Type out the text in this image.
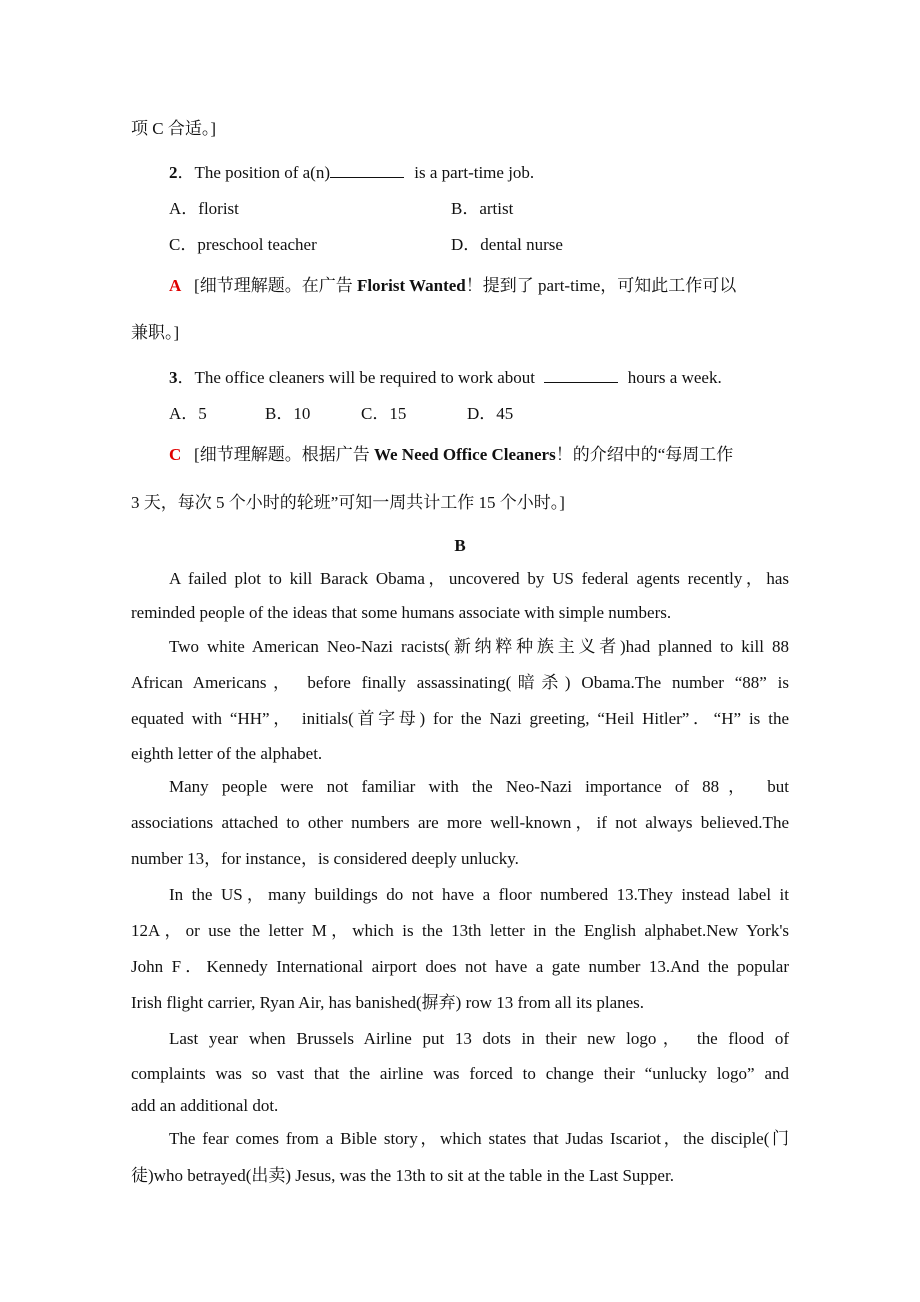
项 C 合适。]
2．The position of a(n)	is a part-time job.
A．florist	B．artist
C．preschool teacher	D．dental nurse
A [细节理解题。在广告 Florist Wanted！提到了 part-time，可知此工作可以
兼职。]
3．The office cleaners will be required to work about	hours a week.
A．5	B．10	C．15	D．45
C [细节理解题。根据广告 We Need Office Cleaners！的介绍中的“每周工作
3 天，每次 5 个小时的轮班”可知一周共计工作 15 个小时。]
B
A failed plot to kill Barack Obama，uncovered by US federal agents recently，has
reminded people of the ideas that some humans associate with simple numbers.
Two white American Neo-Nazi racists(新纳粹种族主义者)had planned to kill 88
African Americans， before finally assassinating(暗杀) Obama.The number “88” is
equated with “HH”， initials(首字母) for the Nazi greeting, “Heil Hitler”．“H” is the
eighth letter of the alphabet.
Many people were not familiar with the Neo-Nazi importance of 88， but
associations attached to other numbers are more well-known，if not always believed.The
number 13，for instance，is considered deeply unlucky.
In the US，many buildings do not have a floor numbered 13.They instead label it
12A，or use the letter M，which is the 13th letter in the English alphabet.New York's
John F．Kennedy International airport does not have a gate number 13.And the popular
Irish flight carrier, Ryan Air, has banished(摒弃) row 13 from all its planes.
Last year when Brussels Airline put 13 dots in their new logo， the flood of
complaints was so vast that the airline was forced to change their “unlucky logo” and
add an additional dot.
The fear comes from a Bible story，which states that Judas Iscariot，the disciple(门
徒)who betrayed(出卖) Jesus, was the 13th to sit at the table in the Last Supper.
